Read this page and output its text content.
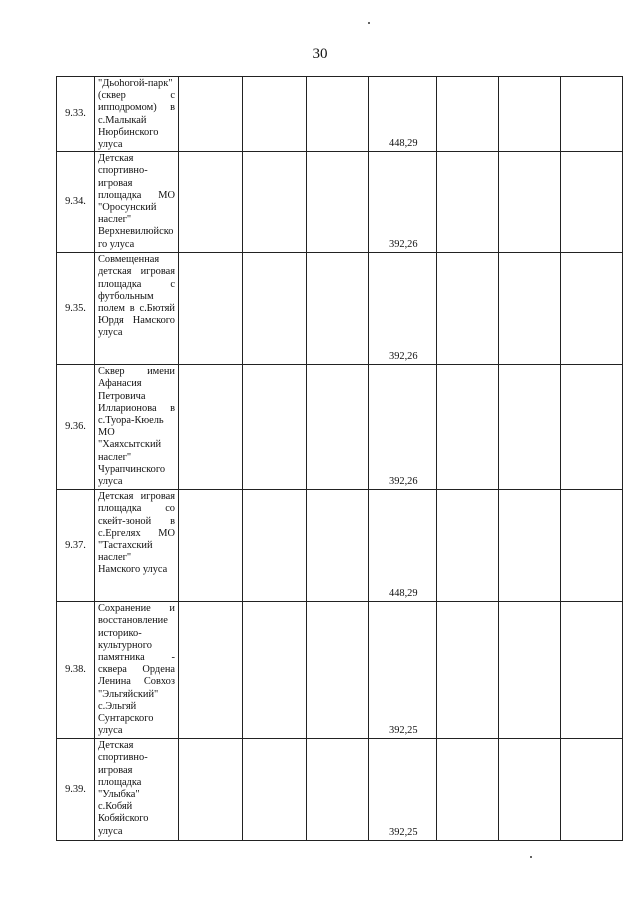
30
9.33.	"Дьоhогой-парк" (сквер с ипподромом) в с.Малыкай Нюрбинского улуса				448,29			
9.34.	Детская спортивно-игровая площадка МО "Оросунский наслег" Верхневилюйского улуса				392,26			
9.35.	Совмещенная детская игровая площадка с футбольным полем в с.Бютяй Юрдя Намского улуса				392,26			
9.36.	Сквер имени Афанасия Петровича Илларионова в с.Туора-Кюель МО "Хаяхсытский наслег" Чурапчинского улуса				392,26			
9.37.	Детская игровая площадка со скейт-зоной в с.Ергелях МО "Тастахский наслег" Намского улуса				448,29			
9.38.	Сохранение и восстановление историко-культурного памятника - сквера Ордена Ленина Совхоз "Эльгяйский" с.Эльгяй Сунтарского улуса				392,25			
9.39.	Детская спортивно-игровая площадка "Улыбка" с.Кобяй Кобяйского улуса				392,25			
